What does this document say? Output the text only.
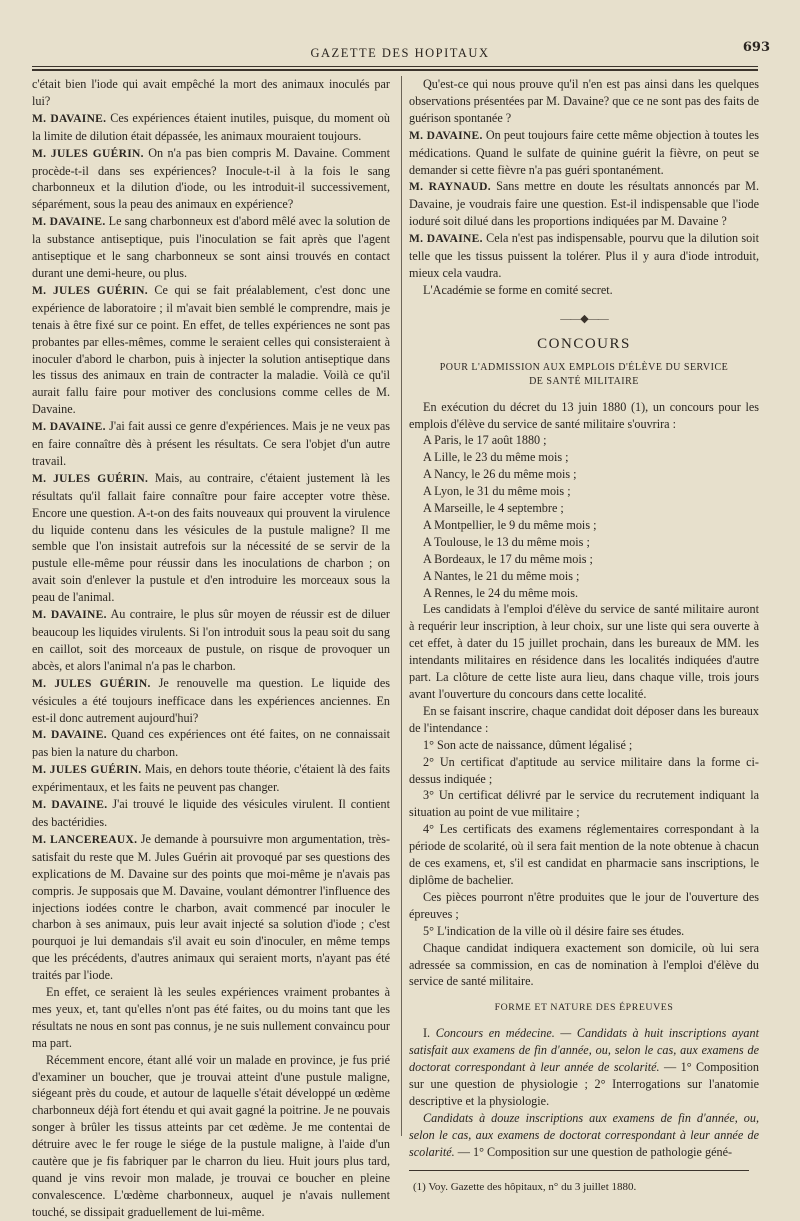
GAZETTE DES HOPITAUX	693

c'était bien l'iode qui avait empêché la mort des animaux inoculés par lui?

M. DAVAINE. Ces expériences étaient inutiles, puisque, du moment où la limite de dilution était dépassée, les animaux mouraient toujours.

M. JULES GUÉRIN. On n'a pas bien compris M. Davaine. Comment procède-t-il dans ses expériences? Inocule-t-il à la fois le sang charbonneux et la dilution d'iode, ou les introduit-il successivement, séparément, sous la peau des animaux en expérience?

M. DAVAINE. Le sang charbonneux est d'abord mêlé avec la solution de la substance antiseptique, puis l'inoculation se fait après que l'agent antiseptique et le sang charbonneux se sont ainsi trouvés en contact durant une demi-heure, ou plus.

M. JULES GUÉRIN. Ce qui se fait préalablement, c'est donc une expérience de laboratoire ; il m'avait bien semblé le comprendre, mais je tenais à être fixé sur ce point. En effet, de telles expériences ne sont pas probantes par elles-mêmes, comme le seraient celles qui consisteraient à inoculer d'abord le charbon, puis à injecter la solution antiseptique dans les tissus des animaux en train de contracter la maladie. Voilà ce qu'il aurait fallu faire pour motiver des conclusions comme celles de M. Davaine.

M. DAVAINE. J'ai fait aussi ce genre d'expériences. Mais je ne veux pas en faire connaître dès à présent les résultats. Ce sera l'objet d'un autre travail.

M. JULES GUÉRIN. Mais, au contraire, c'étaient justement là les résultats qu'il fallait faire connaître pour faire accepter votre thèse. Encore une question. A-t-on des faits nouveaux qui prouvent la virulence du liquide contenu dans les vésicules de la pustule maligne? Il me semble que l'on insistait autrefois sur la nécessité de se servir de la pustule elle-même pour réussir dans les inoculations de charbon ; on avait soin d'enlever la pustule et d'en introduire les morceaux sous la peau de l'animal.

M. DAVAINE. Au contraire, le plus sûr moyen de réussir est de diluer beaucoup les liquides virulents. Si l'on introduit sous la peau soit du sang en caillot, soit des morceaux de pustule, on risque de provoquer un abcès, et alors l'animal n'a pas le charbon.

M. JULES GUÉRIN. Je renouvelle ma question. Le liquide des vésicules a été toujours inefficace dans les expériences anciennes. En est-il donc autrement aujourd'hui?

M. DAVAINE. Quand ces expériences ont été faites, on ne connaissait pas bien la nature du charbon.

M. JULES GUÉRIN. Mais, en dehors toute théorie, c'étaient là des faits expérimentaux, et les faits ne peuvent pas changer.

M. DAVAINE. J'ai trouvé le liquide des vésicules virulent. Il contient des bactéridies.

M. LANCEREAUX. Je demande à poursuivre mon argumentation, très-satisfait du reste que M. Jules Guérin ait provoqué par ses questions des explications de M. Davaine sur des points que moi-même je n'avais pas compris. Je supposais que M. Davaine, voulant démontrer l'influence des injections iodées contre le charbon, avait commencé par inoculer le charbon à ses animaux, puis leur avait injecté sa solution d'iode ; c'est pourquoi je lui demandais s'il avait eu soin d'inoculer, en même temps que les précédents, d'autres animaux qui seraient morts, n'ayant pas été traités par l'iode.

En effet, ce seraient là les seules expériences vraiment probantes à mes yeux, et, tant qu'elles n'ont pas été faites, ou du moins tant que les résultats ne nous en sont pas connus, je ne suis nullement convaincu pour ma part.

Récemment encore, étant allé voir un malade en province, je fus prié d'examiner un boucher, que je trouvai atteint d'une pustule maligne, siégeant près du coude, et autour de laquelle s'était développé un œdème charbonneux déjà fort étendu et qui avait gagné la poitrine. Je ne pouvais songer à brûler les tissus atteints par cet œdème. Je me contentai de détruire avec le fer rouge le siége de la pustule maligne, à l'aide d'un cautère que je fis fabriquer par le charron du lieu. Huit jours plus tard, quand je vins revoir mon malade, je trouvai ce boucher en pleine convalescence. L'œdème charbonneux, auquel je n'avais nullement touché, se dissipait graduellement de lui-même.

Qu'est-ce qui nous prouve qu'il n'en est pas ainsi dans les quelques observations présentées par M. Davaine? que ce ne sont pas des faits de guérison spontanée ?

M. DAVAINE. On peut toujours faire cette même objection à toutes les médications. Quand le sulfate de quinine guérit la fièvre, on peut se demander si cette fièvre n'a pas guéri spontanément.

M. RAYNAUD. Sans mettre en doute les résultats annoncés par M. Davaine, je voudrais faire une question. Est-il indispensable que l'iode ioduré soit dilué dans les proportions indiquées par M. Davaine ?

M. DAVAINE. Cela n'est pas indispensable, pourvu que la dilution soit telle que les tissus puissent la tolérer. Plus il y aura d'iode introduit, mieux cela vaudra.

L'Académie se forme en comité secret.

——◆——
CONCOURS
POUR L'ADMISSION AUX EMPLOIS D'ÉLÈVE DU SERVICE
DE SANTÉ MILITAIRE

En exécution du décret du 13 juin 1880 (1), un concours pour les emplois d'élève du service de santé militaire s'ouvrira :

A Paris, le 17 août 1880 ;

A Lille, le 23 du même mois ;

A Nancy, le 26 du même mois ;

A Lyon, le 31 du même mois ;

A Marseille, le 4 septembre ;

A Montpellier, le 9 du même mois ;

A Toulouse, le 13 du même mois ;

A Bordeaux, le 17 du même mois ;

A Nantes, le 21 du même mois ;

A Rennes, le 24 du même mois.

Les candidats à l'emploi d'élève du service de santé militaire auront à requérir leur inscription, à leur choix, sur une liste qui sera ouverte à cet effet, à dater du 15 juillet prochain, dans les bureaux de MM. les intendants militaires en résidence dans les localités indiquées d'autre part. La clôture de cette liste aura lieu, dans chaque ville, trois jours avant l'ouverture du concours dans cette localité.

En se faisant inscrire, chaque candidat doit déposer dans les bureaux de l'intendance :

1° Son acte de naissance, dûment légalisé ;

2° Un certificat d'aptitude au service militaire dans la forme ci-dessus indiquée ;

3° Un certificat délivré par le service du recrutement indiquant la situation au point de vue militaire ;

4° Les certificats des examens réglementaires correspondant à la période de scolarité, où il sera fait mention de la note obtenue à chacun de ces examens, et, s'il est candidat en pharmacie sans inscriptions, le diplôme de bachelier.

Ces pièces pourront n'être produites que le jour de l'ouverture des épreuves ;

5° L'indication de la ville où il désire faire ses études.

Chaque candidat indiquera exactement son domicile, où lui sera adressée sa commission, en cas de nomination à l'emploi d'élève du service de santé militaire.

FORME ET NATURE DES ÉPREUVES

I. Concours en médecine. — Candidats à huit inscriptions ayant satisfait aux examens de fin d'année, ou, selon le cas, aux examens de doctorat correspondant à leur année de scolarité. — 1° Composition sur une question de physiologie ; 2° Interrogations sur l'anatomie descriptive et la physiologie.

Candidats à douze inscriptions aux examens de fin d'année, ou, selon le cas, aux examens de doctorat correspondant à leur année de scolarité. — 1° Composition sur une question de pathologie géné-

(1) Voy. Gazette des hôpitaux, n° du 3 juillet 1880.
